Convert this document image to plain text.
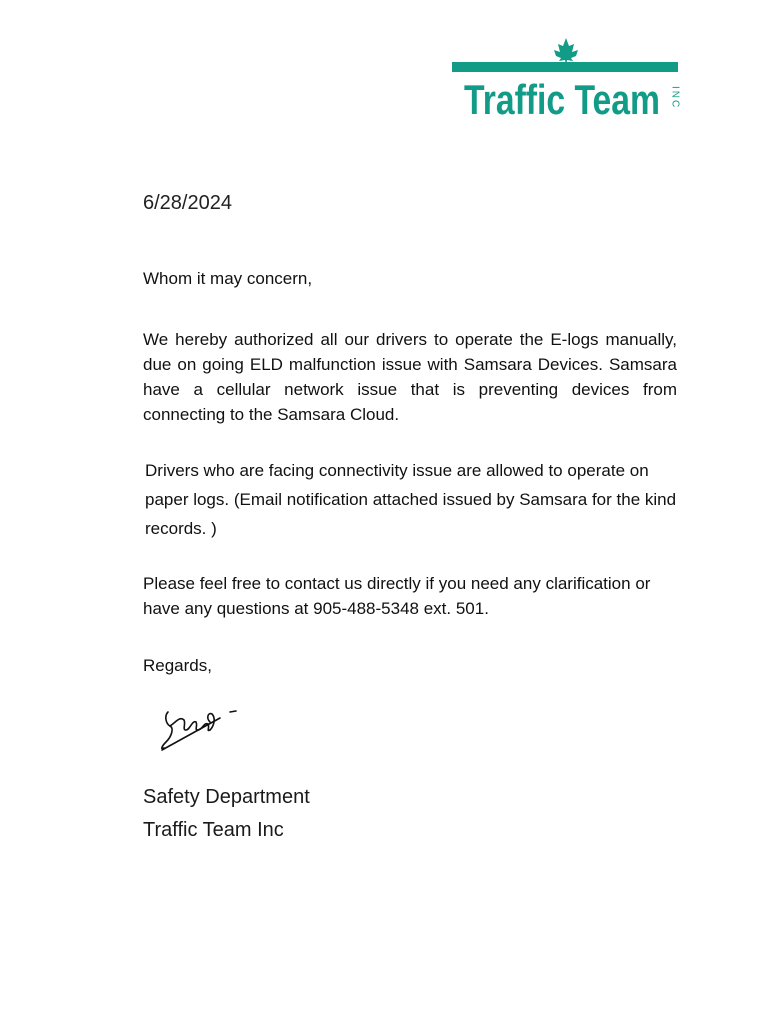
Traffic Team INC
6/28/2024
Whom it may concern,
We hereby authorized all our drivers to operate the E-logs manually, due on going ELD malfunction issue with Samsara Devices. Samsara have a cellular network issue that is preventing devices from connecting to the Samsara Cloud.
Drivers who are facing connectivity issue are allowed to operate on paper logs. (Email notification attached issued by Samsara for the kind records. )
Please feel free to contact us directly if you need any clarification or have any questions at 905-488-5348 ext. 501.
Regards,
Safety Department
Traffic Team Inc
